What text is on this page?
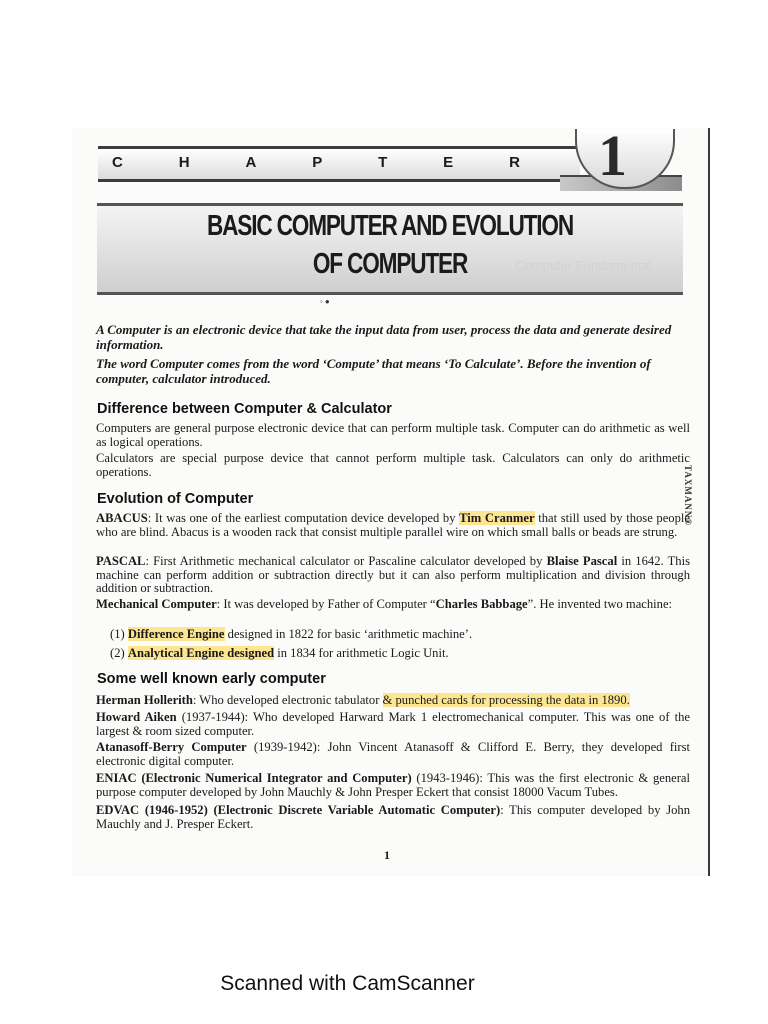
TAXMANN®
C	H	A	P	T	E	R 1
Computer Fundamental
BASIC COMPUTER AND EVOLUTION
OF COMPUTER
◦ ●
A Computer is an electronic device that take the input data from user, process the data and generate desired information.
The word Computer comes from the word ‘Compute’ that means ‘To Calculate’. Before the invention of computer, calculator introduced.
Difference between Computer & Calculator
Computers are general purpose electronic device that can perform multiple task. Computer can do arithmetic as well as logical operations.
Calculators are special purpose device that cannot perform multiple task. Calculators can only do arithmetic operations.
Evolution of Computer
ABACUS: It was one of the earliest computation device developed by Tim Cranmer that still used by those people who are blind. Abacus is a wooden rack that consist multiple parallel wire on which small balls or beads are strung.
PASCAL: First Arithmetic mechanical calculator or Pascaline calculator developed by Blaise Pascal in 1642. This machine can perform addition or subtraction directly but it can also perform multiplication and division through addition or subtraction.
Mechanical Computer: It was developed by Father of Computer “Charles Babbage”. He invented two machine:
(1) Difference Engine designed in 1822 for basic ‘arithmetic machine’.
(2) Analytical Engine designed in 1834 for arithmetic Logic Unit.
Some well known early computer
Herman Hollerith: Who developed electronic tabulator & punched cards for processing the data in 1890.
Howard Aiken (1937-1944): Who developed Harward Mark 1 electromechanical computer. This was one of the largest & room sized computer.
Atanasoff-Berry Computer (1939-1942): John Vincent Atanasoff & Clifford E. Berry, they developed first electronic digital computer.
ENIAC (Electronic Numerical Integrator and Computer) (1943-1946): This was the first electronic & general purpose computer developed by John Mauchly & John Presper Eckert that consist 18000 Vacum Tubes.
EDVAC (1946-1952) (Electronic Discrete Variable Automatic Computer): This computer developed by John Mauchly and J. Presper Eckert.
1
Scanned with CamScanner
